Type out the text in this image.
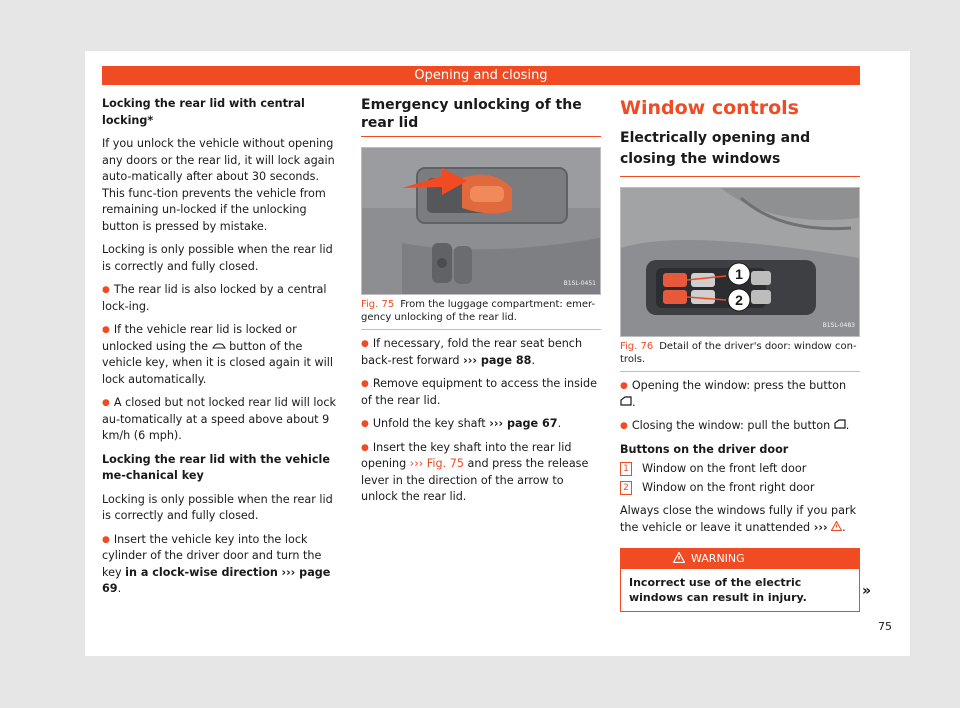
Opening and closing

Locking the rear lid with central locking*

If you unlock the vehicle without opening any doors or the rear lid, it will lock again auto-matically after about 30 seconds. This func-tion prevents the vehicle from remaining un-locked if the unlocking button is pressed by mistake.

Locking is only possible when the rear lid is correctly and fully closed.

● The rear lid is also locked by a central lock-ing.

● If the vehicle rear lid is locked or unlocked using the button of the vehicle key, when it is closed again it will lock automatically.

● A closed but not locked rear lid will lock au-tomatically at a speed above about 9 km/h (6 mph).

Locking the rear lid with the vehicle me-chanical key

Locking is only possible when the rear lid is correctly and fully closed.

● Insert the vehicle key into the lock cylinder of the driver door and turn the key in a clock-wise direction ››› page 69.

Emergency unlocking of the rear lid
B1SL-0451
Fig. 75 From the luggage compartment: emer-gency unlocking of the rear lid.

● If necessary, fold the rear seat bench back-rest forward ››› page 88.

● Remove equipment to access the inside of the rear lid.

● Unfold the key shaft ››› page 67.

● Insert the key shaft into the rear lid opening ››› Fig. 75 and press the release lever in the direction of the arrow to unlock the rear lid.

Window controls
Electrically opening and closing the windows
1
2
B1SL-0483
Fig. 76 Detail of the driver's door: window con-trols.

● Opening the window: press the button .

● Closing the window: pull the button .

Buttons on the driver door

1 Window on the front left door
2 Window on the front right door

Always close the windows fully if you park the vehicle or leave it unattended ››› .

WARNING
Incorrect use of the electric windows can result in injury.	»
75
